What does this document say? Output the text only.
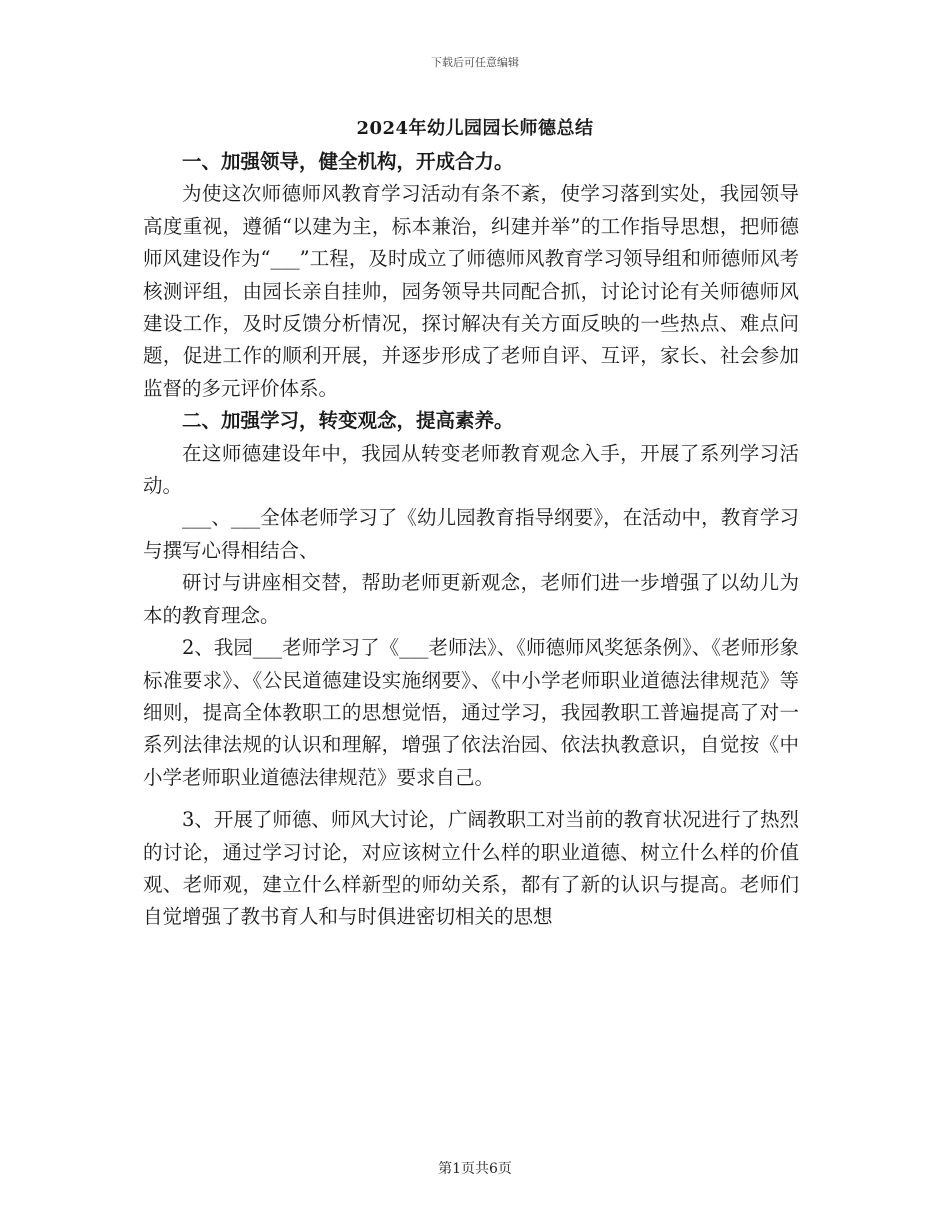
下载后可任意编辑
2024年幼儿园园长师德总结

一、加强领导，健全机构，开成合力。

为使这次师德师风教育学习活动有条不紊，使学习落到实处，我园领导高度重视，遵循“以建为主，标本兼治，纠建并举”的工作指导思想，把师德师风建设作为“___”工程，及时成立了师德师风教育学习领导组和师德师风考核测评组，由园长亲自挂帅，园务领导共同配合抓，讨论讨论有关师德师风建设工作，及时反馈分析情况，探讨解决有关方面反映的一些热点、难点问题，促进工作的顺利开展，并逐步形成了老师自评、互评，家长、社会参加监督的多元评价体系。

二、加强学习，转变观念，提高素养。

在这师德建设年中，我园从转变老师教育观念入手，开展了系列学习活动。

___、___全体老师学习了《幼儿园教育指导纲要》，在活动中，教育学习与撰写心得相结合、

研讨与讲座相交替，帮助老师更新观念，老师们进一步增强了以幼儿为本的教育理念。

2、我园___老师学习了《___老师法》、《师德师风奖惩条例》、《老师形象标准要求》、《公民道德建设实施纲要》、《中小学老师职业道德法律规范》等细则，提高全体教职工的思想觉悟，通过学习，我园教职工普遍提高了对一系列法律法规的认识和理解，增强了依法治园、依法执教意识，自觉按《中小学老师职业道德法律规范》要求自己。

3、开展了师德、师风大讨论，广阔教职工对当前的教育状况进行了热烈的讨论，通过学习讨论，对应该树立什么样的职业道德、树立什么样的价值观、老师观，建立什么样新型的师幼关系，都有了新的认识与提高。老师们自觉增强了教书育人和与时俱进密切相关的思想

第1页共6页
